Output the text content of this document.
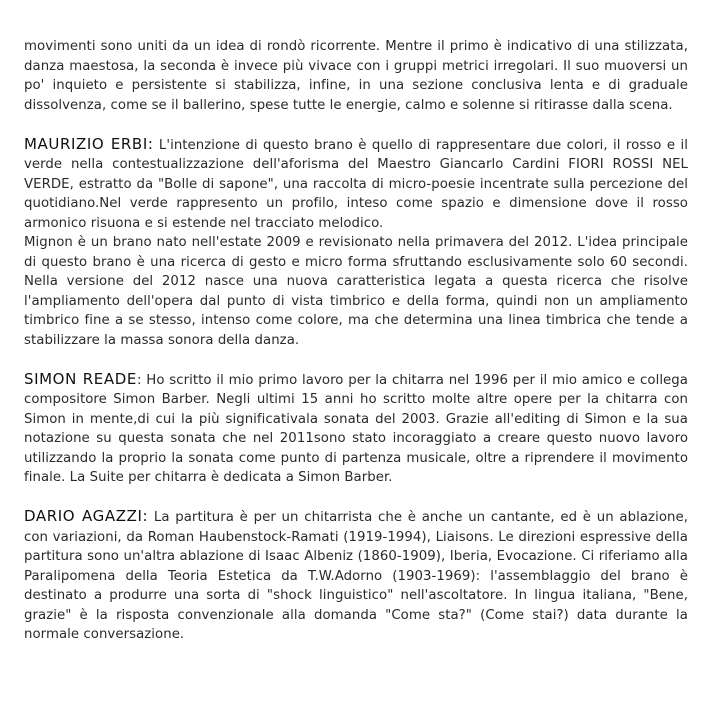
movimenti sono uniti da un idea di rondò ricorrente. Mentre il primo è indicativo di una stilizzata, danza maestosa, la seconda è invece più vivace con i gruppi metrici irregolari. Il suo muoversi un po' inquieto e persistente si stabilizza, infine, in una sezione conclusiva lenta e di graduale dissolvenza, come se il ballerino, spese tutte le energie, calmo e solenne si ritirasse dalla scena.

MAURIZIO ERBI: L'intenzione di questo brano è quello di rappresentare due colori, il rosso e il verde nella contestualizzazione dell'aforisma del Maestro Giancarlo Cardini FIORI ROSSI NEL VERDE, estratto da "Bolle di sapone", una raccolta di micro-poesie incentrate sulla percezione del quotidiano.Nel verde rappresento un profilo, inteso come spazio e dimensione dove il rosso armonico risuona e si estende nel tracciato melodico.

Mignon è un brano nato nell'estate 2009 e revisionato nella primavera del 2012. L'idea principale di questo brano è una ricerca di gesto e micro forma sfruttando esclusivamente solo 60 secondi. Nella versione del 2012 nasce una nuova caratteristica legata a questa ricerca che risolve l'ampliamento dell'opera dal punto di vista timbrico e della forma, quindi non un ampliamento timbrico fine a se stesso, intenso come colore, ma che determina una linea timbrica che tende a stabilizzare la massa sonora della danza.

SIMON READE: Ho scritto il mio primo lavoro per la chitarra nel 1996 per il mio amico e collega compositore Simon Barber. Negli ultimi 15 anni ho scritto molte altre opere per la chitarra con Simon in mente,di cui la più significativala sonata del 2003. Grazie all'editing di Simon e la sua notazione su questa sonata che nel 2011sono stato incoraggiato a creare questo nuovo lavoro utilizzando la proprio la sonata come punto di partenza musicale, oltre a riprendere il movimento finale. La Suite per chitarra è dedicata a Simon Barber.

DARIO AGAZZI: La partitura è per un chitarrista che è anche un cantante, ed è un ablazione, con variazioni, da Roman Haubenstock-Ramati (1919-1994), Liaisons. Le direzioni espressive della partitura sono un'altra ablazione di Isaac Albeniz (1860-1909), Iberia, Evocazione. Ci riferiamo alla Paralipomena della Teoria Estetica da T.W.Adorno (1903-1969): l'assemblaggio del brano è destinato a produrre una sorta di "shock linguistico" nell'ascoltatore. In lingua italiana, "Bene, grazie" è la risposta convenzionale alla domanda "Come sta?" (Come stai?) data durante la normale conversazione.
